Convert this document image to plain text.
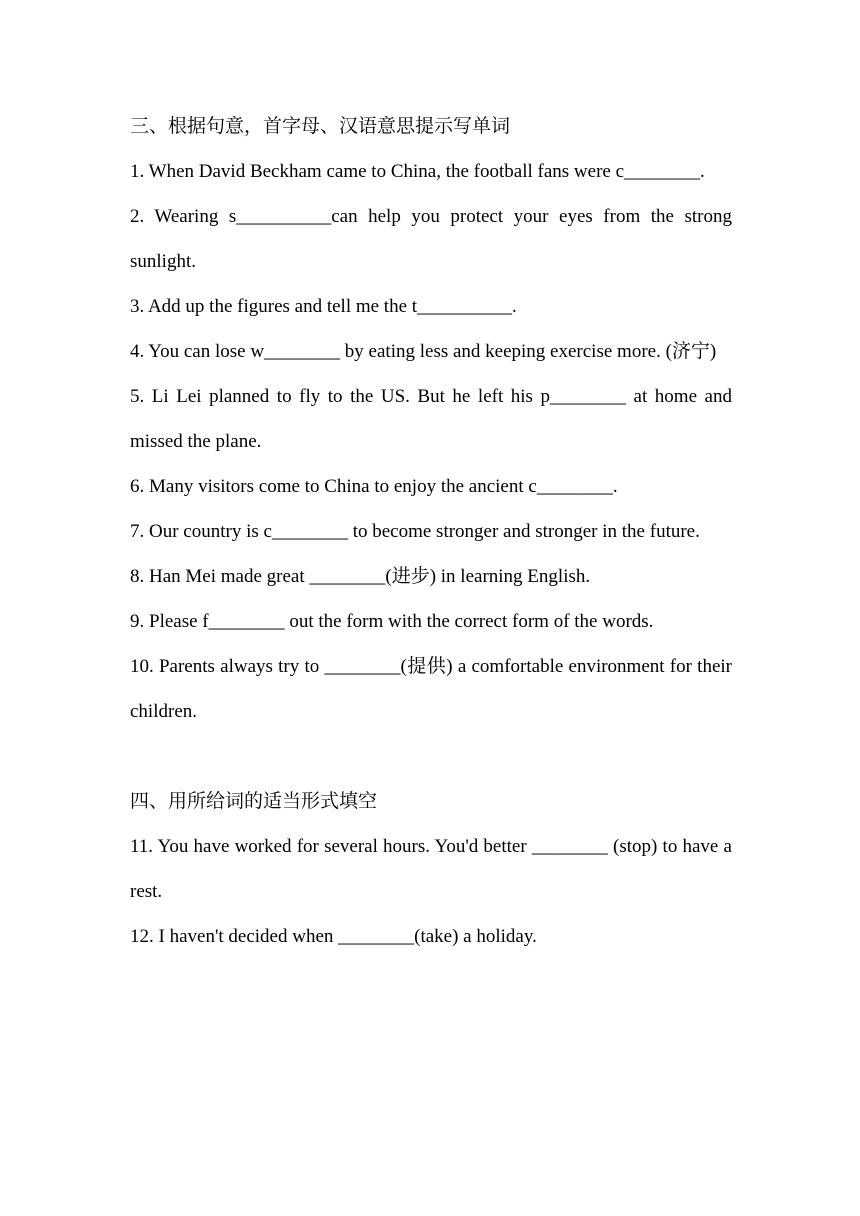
三、根据句意，首字母、汉语意思提示写单词
1. When David Beckham came to China, the football fans were c________.
2. Wearing s__________can help you protect your eyes from the strong sunlight.
3. Add up the figures and tell me the t__________.
4. You can lose w________ by eating less and keeping exercise more. (济宁)
5. Li Lei planned to fly to the US. But he left his p________ at home and missed the plane.
6. Many visitors come to China to enjoy the ancient c________.
7. Our country is c________ to become stronger and stronger in the future.
8. Han Mei made great ________(进步) in learning English.
9. Please f________ out the form with the correct form of the words.
10. Parents always try to ________(提供) a comfortable environment for their children.
四、用所给词的适当形式填空
11. You have worked for several hours. You'd better ________ (stop) to have a rest.
12. I haven't decided when ________(take) a holiday.
